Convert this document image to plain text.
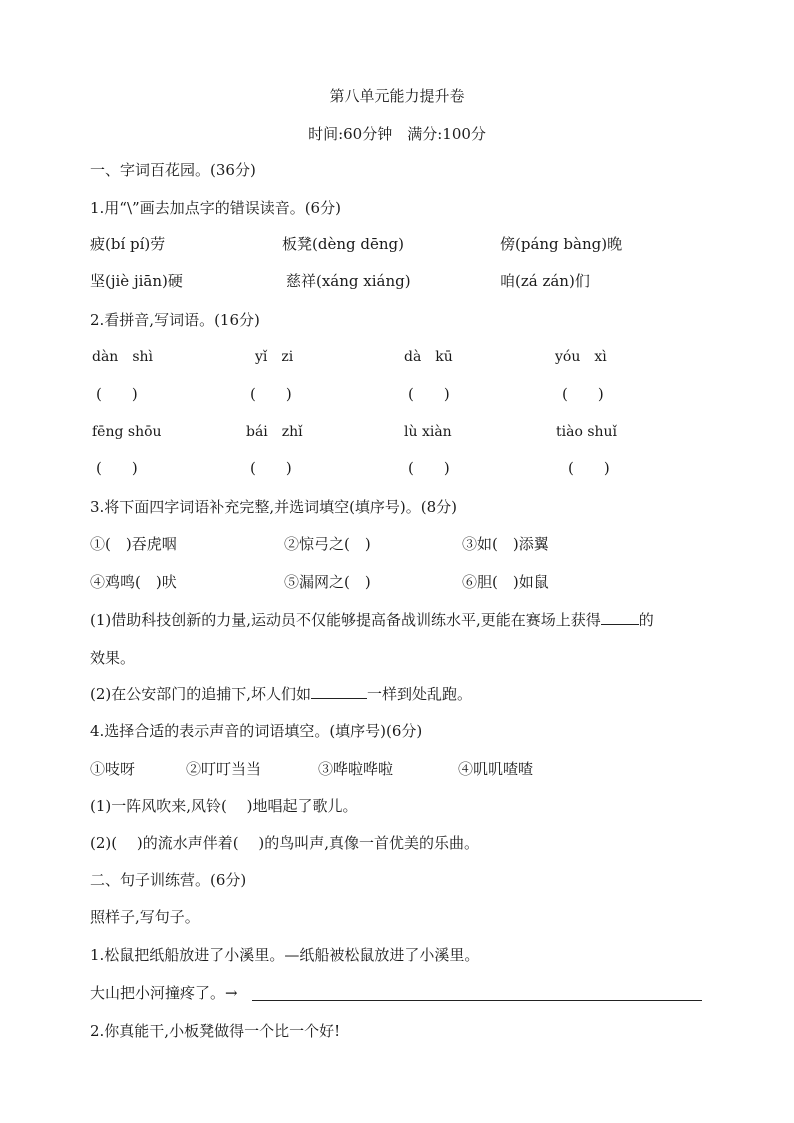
第八单元能力提升卷
时间:60分钟　满分:100分
一、字词百花园。(36分)
1.用“\”画去加点字的错误读音。(6分)
疲(bí pí)劳	板凳(dèng dēng)	傍(páng bàng)晚
坚(jiè jiān)硬	慈祥(xáng xiáng)	咱(zá zán)们
2.看拼音,写词语。(16分)
dàn　shì	yǐ　zi	dà　kū	yóu　xì
(　　)	(　　)	(　　)	(　　)
fēng shōu	bái　zhǐ	lù xiàn	tiào shuǐ
(　　)	(　　)	(　　)	(　　)
3.将下面四字词语补充完整,并选词填空(填序号)。(8分)
①(　)吞虎咽	②惊弓之(　)	③如(　)添翼
④鸡鸣(　)吠	⑤漏网之(　)	⑥胆(　)如鼠
(1)借助科技创新的力量,运动员不仅能够提高备战训练水平,更能在赛场上获得	的
效果。
(2)在公安部门的追捕下,坏人们如	一样到处乱跑。
4.选择合适的表示声音的词语填空。(填序号)(6分)
①吱呀	②叮叮当当	③哗啦哗啦	④叽叽喳喳
(1)一阵风吹来,风铃(　 )地唱起了歌儿。
(2)(　 )的流水声伴着(　 )的鸟叫声,真像一首优美的乐曲。
二、句子训练营。(6分)
照样子,写句子。
1.松鼠把纸船放进了小溪里。—纸船被松鼠放进了小溪里。
大山把小河撞疼了。→
2.你真能干,小板凳做得一个比一个好!
